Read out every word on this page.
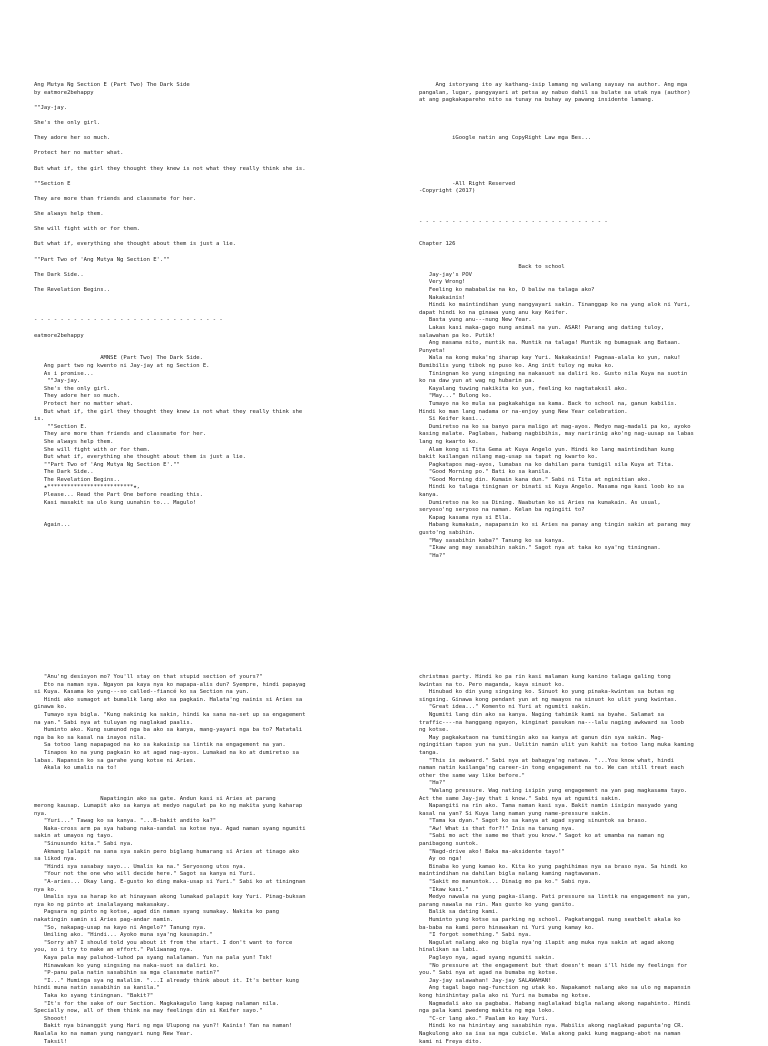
Ang Mutya Ng Section E (Part Two) The Dark Side
by eatmore2behappy
""Jay-jay.
She's the only girl.
They adore her so much.
Protect her no matter what.
But what if, the girl they thought they knew is not what they really think she is.
""Section E
They are more than friends and classmate for her.
She always help them.
She will fight with or for them.
But what if, everything she thought about them is just a lie.
""Part Two of 'Ang Mutya Ng Section E'.""
The Dark Side..
The Revelation Begins..
- - - - - - - - - - - - - - - - - - - - - - - - - - - - -
eatmore2behappy
AMNSE (Part Two) The Dark Side.
Ang part two ng kwento ni Jay-jay at ng Section E.
As i promise...
""Jay-jay.
She's the only girl.
They adore her so much.
Protect her no matter what.
But what if, the girl they thought they knew is not what they really think she
is.
""Section E.
They are more than friends and classmate for her.
She always help them.
She will fight with or for them.
But what if, everything she thought about them is just a lie.
""Part Two of 'Ang Mutya Ng Section E'.""
The Dark Side..
The Revelation Begins..
★**************************★,
Please... Read the Part One before reading this.
Kasi masakit sa ulo kung uunahin to... Magulo!
Again...
Ang istoryang ito ay kathang-isip lamang ng walang saysay na author. Ang mga
pangalan, lugar, pangyayari at petsa ay nabuo dahil sa bulate sa utak nya (author)
at ang pagkakapareho nito sa tunay na buhay ay pawang insidente lamang.
iGoogle natin ang CopyRight Law mga Bes...
-All Right Reserved
-Copyright (2017)
- - - - - - - - - - - - - - - - - - - - - - - - - - - - -
Chapter 126
Back to school
Jay-jay's POV
Very Wrong!
Feeling ko mababaliw na ko, O baliw na talaga ako?
Nakakainis!
Hindi ko maintindihan yung nangyayari sakin. Tinanggap ko na yung alok ni Yuri,
dapat hindi ko na ginawa yung anu kay Keifer.
Basta yung anu---nung New Year.
Lakas kasi maka-gago nung animal na yun. ASAR! Parang ang dating tuloy,
salawahan pa ko. Putik!
Ang masama nito, muntik na. Muntik na talaga! Muntik ng bumagsak ang Bataan.
Punyeta!
Wala na kong muka'ng iharap kay Yuri. Nakakainis! Pagnaa-alala ko yun, naku!
Bumibilis yung tibok ng puso ko. Ang init tuloy ng muka ko.
Tiningnan ko yung singsing na nakasuot sa daliri ko. Gusto nila Kuya na suotin
ko na daw yun at wag ng hubarin pa.
Kayalang tuwing nakikita ko yun, feeling ko nagtataksil ako.
"May..." Bulong ko.
Tumayo na ko mula sa pagkakahiga sa kama. Back to school na, ganun kabilis.
Hindi ko man lang nadama or na-enjoy yung New Year celebration.
Si Keifer kasi...
Dumiretso na ko sa banyo para maligo at mag-ayos. Medyo mag-madali pa ko, ayoko
kasing malate. Paglabas, habang nagbibihis, may naririnig ako'ng nag-uusap sa labas
lang ng kwarto ko.
Alam kong si Tita Gema at Kuya Angelo yun. Hindi ko lang maintindihan kung
bakit kailangan nilang mag-usap sa tapat ng kwarto ko.
Pagkatapos mag-ayos, lumabas na ko dahilan para tumigil sila Kuya at Tita.
"Good Morning po." Bati ko sa kanila.
"Good Morning din. Kumain kana dun." Sabi ni Tita at nginitian ako.
Hindi ko talaga tinignan or binati si Kuya Angelo. Masama nga kasi loob ko sa
kanya.
Dumiretso na ko sa Dining. Naabutan ko si Aries na kumakain. As usual,
seryoso'ng seryoso na naman. Kelan ba ngingiti to?
Kapag kasama nya si Ella.
Habang kumakain, napapansin ko si Aries na panay ang tingin sakin at parang may
gusto'ng sabihin.
"May sasabihin kaba?" Tanung ko sa kanya.
"Ikaw ang may sasabihin sakin." Sagot nya at taka ko sya'ng tiningnan.
"Ha?"
"Anu'ng desisyon mo? You'll stay on that stupid section of yours?"
Eto na naman sya. Ngayon pa kaya nya ko mapapa-alis dun? Syempre, hindi papayag
si Kuya. Kasama ko yung---so called--fiancé ko sa Section na yun.
Hindi ako sumagot at bumalik lang ako sa pagkain. Halata'ng nainis si Aries sa
ginawa ko.
Tumayo sya bigla. "Kung nakinig ka sakin, hindi ka sana na-set up sa engagement
na yan." Sabi nya at tuluyan ng naglakad paalis.
Huminto ako. Kung sumunod nga ba ako sa kanya, mang-yayari nga ba to? Matatali
nga ba ko sa kasal na inayos nila.
Sa totoo lang napapagod na ko sa kakaisip sa lintik na engagement na yan.
Tinapos ko na yung pagkain ko at agad nag-ayos. Lumakad na ko at dumiretso sa
labas. Napansin ko sa garahe yung kotse ni Aries.
Akala ko umalis na to!
Napatingin ako sa gate. Andun kasi si Aries at parang
merong kausap. Lumapit ako sa kanya at medyo nagulat pa ko ng makita yung kaharap
nya.
"Yuri..." Tawag ko sa kanya. "...B-bakit andito ka?"
Naka-cross arm pa sya habang naka-sandal sa kotse nya. Agad naman syang ngumiti
sakin at umayos ng tayo.
"Sinusundo kita." Sabi nya.
Akmang lalapit na sana sya sakin pero biglang humarang si Aries at tinago ako
sa likod nya.
"Hindi sya sasabay sayo... Umalis ka na." Seryosong utos nya.
"Your not the one who will decide here." Sagot sa kanya ni Yuri.
"A-aries... Okay lang. E-gusto ko ding maka-usap si Yuri." Sabi ko at tiningnan
nya ko.
Umalis sya sa harap ko at hinayaan akong lumakad palapit kay Yuri. Pinag-buksan
nya ko ng pinto at inalalayang makasakay.
Pagsara ng pinto ng kotse, agad din naman syang sumakay. Nakita ko pang
nakatingin samin si Aries pag-andar namin.
"So, nakapag-usap na kayo ni Angelo?" Tanung nya.
Umiling ako. "Hindi... Ayoko muna sya'ng kausapin."
"Sorry ah? I should told you about it from the start. I don't want to force
you, so i try to make an effort." Paliwanag nya.
Kaya pala may paluhod-luhod pa syang nalalaman. Yun na pala yun! Tsk!
Hinawakan ko yung singsing na naka-suot sa daliri ko.
"P-panu pala natin sasabihin sa mga classmate natin?"
"I..." Humingа sya ng malalim. "...I already think about it. It's better kung
hindi muna natin sasabihin sa kanila."
Taka ko syang tiningnan. "Bakit?"
"It's for the sake of our Section. Magkakagulo lang kapag nalaman nila.
Specially now, all of them think na may feelings din si Keifer sayo."
Shooot!
Bakit nya binanggit yung Hari ng mga Ulupong na yun?! Kainis! Yan na naman!
Naalala ko na naman yung nangyari nung New Year.
Taksil!
christmas party. Hindi ko pa rin kasi malaman kung kanino talaga galing tong
kwintas na to. Pero maganda, kaya sinuot ko.
Hinubad ko din yung singsing ko. Sinuot ko yung pinaka-kwintas sa butas ng
singsing. Ginawa kong pendant yun at ng maayos na sinuot ko ulit yung kwintas.
"Great idea..." Komento ni Yuri at ngumiti sakin.
Ngumiti lang din ako sa kanya. Naging tahimik kami sa byahe. Salamat sa
traffic----na hanggang ngayon, kinginat pasukan na---lalu naging awkward sa loob
ng kotse.
May pagkakataon na tumitingin ako sa kanya at ganun din sya sakin. Mag-
ngingitian tapos yun na yun. Uulitin namin ulit yun kahit sa totoo lang muka kaming
tanga.
"This is awkward." Sabi nya at bahagya'ng natawa. "...You know what, hindi
naman natin kailanga'ng career-in tong engagement na to. We can still treat each
other the same way like before."
"Ha?"
"Walang pressure. Wag nating isipin yung engagement na yan pag magkasama tayo.
Act the same Jay-jay that i know." Sabi nya at ngumiti sakin.
Napangiti na rin ako. Tama naman kasi sya. Bakit namin iisipin masyado yang
kasal na yan? Si Kuya lang naman yung name-pressure sakin.
"Tama ka dyan." Sagot ko sa kanya at agad syang sinuntok sa braso.
"Aw! What is that for?!" Inis na tanung nya.
"Sabi mo act the same me that you know." Sagot ko at umamba na naman ng
panibagong suntok.
"Nagd-drive ako! Baka ma-aksidente tayo!"
Ay oo nga!
Binaba ko yung kamao ko. Kita ko yung paghihimas nya sa braso nya. Sa hindi ko
maintindihan na dahilan bigla nalang kaming nagtawanan.
"Sakit mo manuntok... Dinaig mo pa ko." Sabi nya.
"Ikaw kasi."
Medyo nawala na yung pagka-ilang. Pati pressure sa lintik na engagement na yan,
parang nawala na rin. Mas gusto ko yung ganito.
Balik sa dating kami.
Huminto yung kotse sa parking ng school. Pagkatanggal nung seatbelt akala ko
ba-baba na kami pero hinawakan ni Yuri yung kamay ko.
"I forgot something." Sabi nya.
Nagulat nalang ako ng bigla nya'ng ilapit ang muka nya sakin at agad akong
hinalikan sa labi.
Pagleyo nya, agad syang ngumiti sakin.
"No pressure at the engagement but that doesn't mean i'll hide my feelings for
you." Sabi nya at agad na bumaba ng kotse.
Jay-jay salawahan! Jay-jay SALAWAHAN!
Ang tagal bago nag-function ng utak ko. Napakamot nalang ako sa ulo ng mapansin
kong hinihintay pala ako ni Yuri na bumaba ng kotse.
Nagmadali ako sa pagbaba. Habang naglalakad bigla nalang akong napahinto. Hindi
nga pala kami pwedeng makita ng mga loko.
"C-cr lang ako." Paalam ko kay Yuri.
Hindi ko na hinintay ang sasabihin nya. Mabilis akong naglakad papunta'ng CR.
Nagkulong ako sa isa sa mga cubicle. Wala akong paki kung magpang-abot na naman
kami ni Freya dito.
